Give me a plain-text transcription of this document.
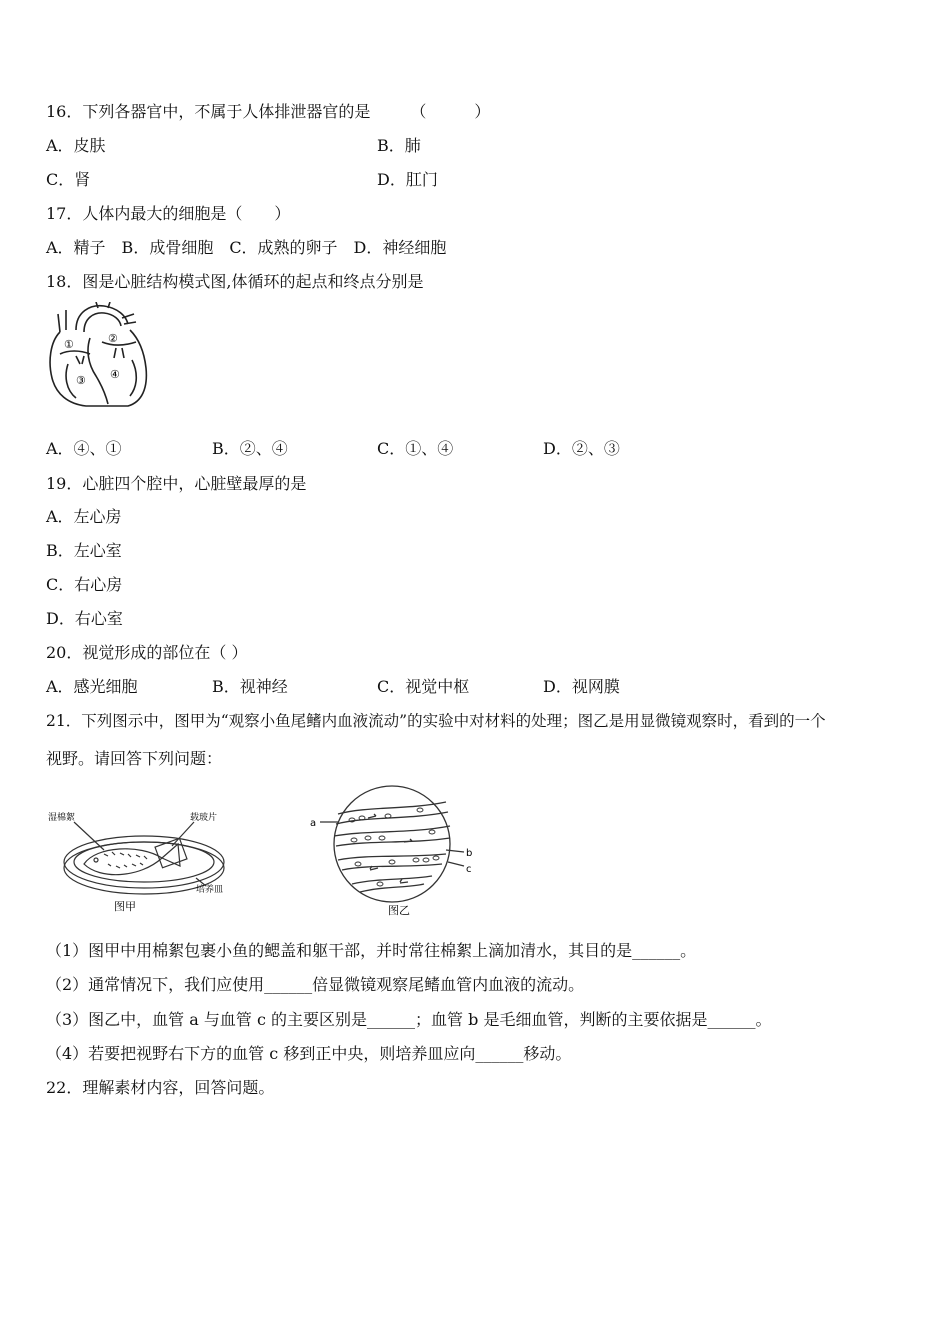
16．下列各器官中，不属于人体排泄器官的是　　　（　　　）
A．皮肤	B．肺
C．肾	D．肛门
17．人体内最大的细胞是（　　）
A．精子　B．成骨细胞　C．成熟的卵子　D．神经细胞
18．图是心脏结构模式图,体循环的起点和终点分别是
①	②
③ ④
A．④、①	B．②、④	C．①、④	D．②、③
19．心脏四个腔中，心脏壁最厚的是
A．左心房
B．左心室
C．右心房
D．右心室
20．视觉形成的部位在（ ）
A．感光细胞	B．视神经	C．视觉中枢	D．视网膜
21．下列图示中，图甲为“观察小鱼尾鳍内血液流动”的实验中对材料的处理；图乙是用显微镜观察时，看到的一个
视野。请回答下列问题：
湿棉絮	载玻片
培养皿
图甲
a
b
c
图乙
（1）图甲中用棉絮包裹小鱼的鳃盖和躯干部，并时常往棉絮上滴加清水，其目的是______。
（2）通常情况下，我们应使用______倍显微镜观察尾鳍血管内血液的流动。
（3）图乙中，血管 a 与血管 c 的主要区别是______；血管 b 是毛细血管，判断的主要依据是______。
（4）若要把视野右下方的血管 c 移到正中央，则培养皿应向______移动。
22．理解素材内容，回答问题。
